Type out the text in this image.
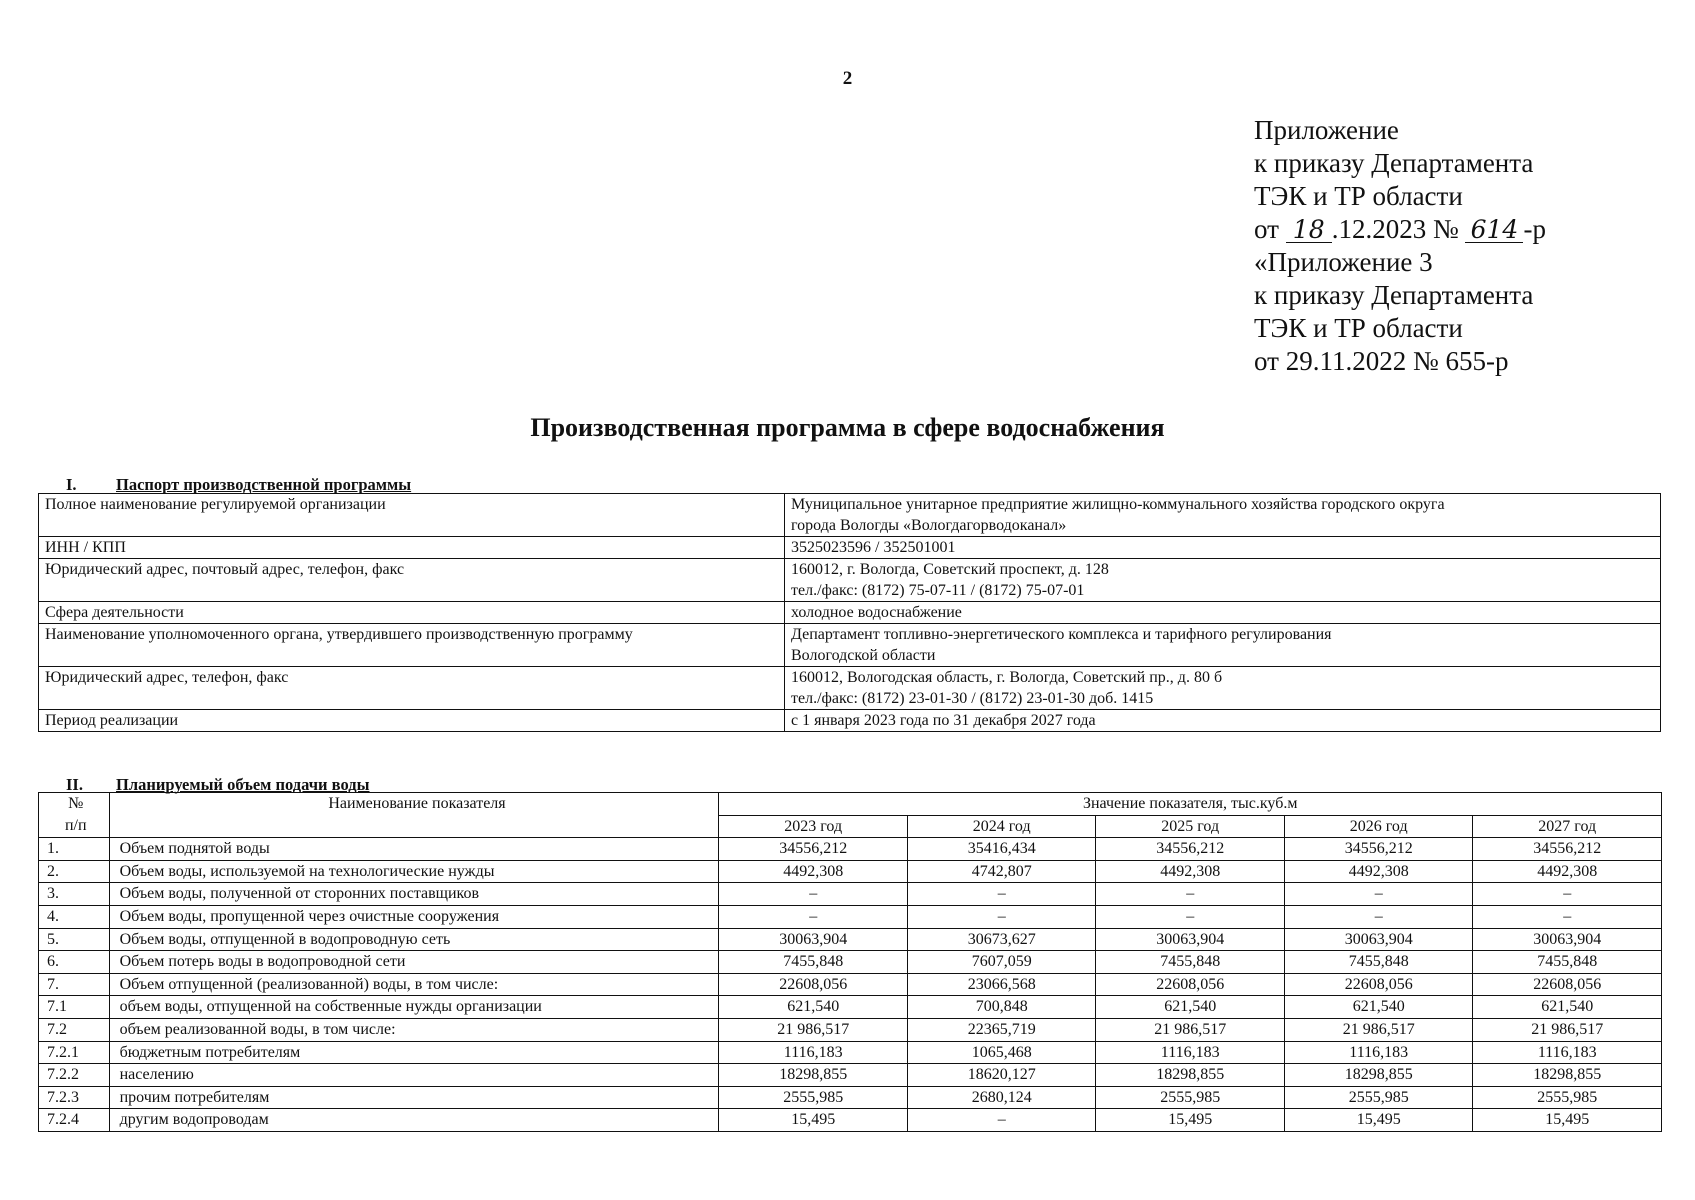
2
Приложение
к приказу Департамента
ТЭК и ТР области
от 18 .12.2023 № 614 -р
«Приложение 3
к приказу Департамента
ТЭК и ТР области
от 29.11.2022 № 655-р
Производственная программа в сфере водоснабжения
I. Паспорт производственной программы
Полное наименование регулируемой организации	Муниципальное унитарное предприятие жилищно-коммунального хозяйства городского округа
города Вологды «Вологдагорводоканал»

ИНН / КПП	3525023596 / 352501001

Юридический адрес, почтовый адрес, телефон, факс	160012, г. Вологда, Советский проспект, д. 128
тел./факс: (8172) 75-07-11 / (8172) 75-07-01

Сфера деятельности	холодное водоснабжение

Наименование уполномоченного органа, утвердившего производственную программу	Департамент топливно-энергетического комплекса и тарифного регулирования
Вологодской области

Юридический адрес, телефон, факс	160012, Вологодская область, г. Вологда, Советский пр., д. 80 б
тел./факс: (8172) 23-01-30 / (8172) 23-01-30 доб. 1415

Период реализации	с 1 января 2023 года по 31 декабря 2027 года
II. Планируемый объем подачи воды
№
п/п	Наименование показателя	Значение показателя, тыс.куб.м				
		2023 год	2024 год	2025 год	2026 год	2027 год
1.	Объем поднятой воды	34556,212	35416,434	34556,212	34556,212	34556,212
2.	Объем воды, используемой на технологические нужды	4492,308	4742,807	4492,308	4492,308	4492,308
3.	Объем воды, полученной от сторонних поставщиков	–	–	–	–	–
4.	Объем воды, пропущенной через очистные сооружения	–	–	–	–	–
5.	Объем воды, отпущенной в водопроводную сеть	30063,904	30673,627	30063,904	30063,904	30063,904
6.	Объем потерь воды в водопроводной сети	7455,848	7607,059	7455,848	7455,848	7455,848
7.	Объем отпущенной (реализованной) воды, в том числе:	22608,056	23066,568	22608,056	22608,056	22608,056
7.1	объем воды, отпущенной на собственные нужды организации	621,540	700,848	621,540	621,540	621,540
7.2	объем реализованной воды, в том числе:	21 986,517	22365,719	21 986,517	21 986,517	21 986,517
7.2.1	бюджетным потребителям	1116,183	1065,468	1116,183	1116,183	1116,183
7.2.2	населению	18298,855	18620,127	18298,855	18298,855	18298,855
7.2.3	прочим потребителям	2555,985	2680,124	2555,985	2555,985	2555,985
7.2.4	другим водопроводам	15,495	–	15,495	15,495	15,495
